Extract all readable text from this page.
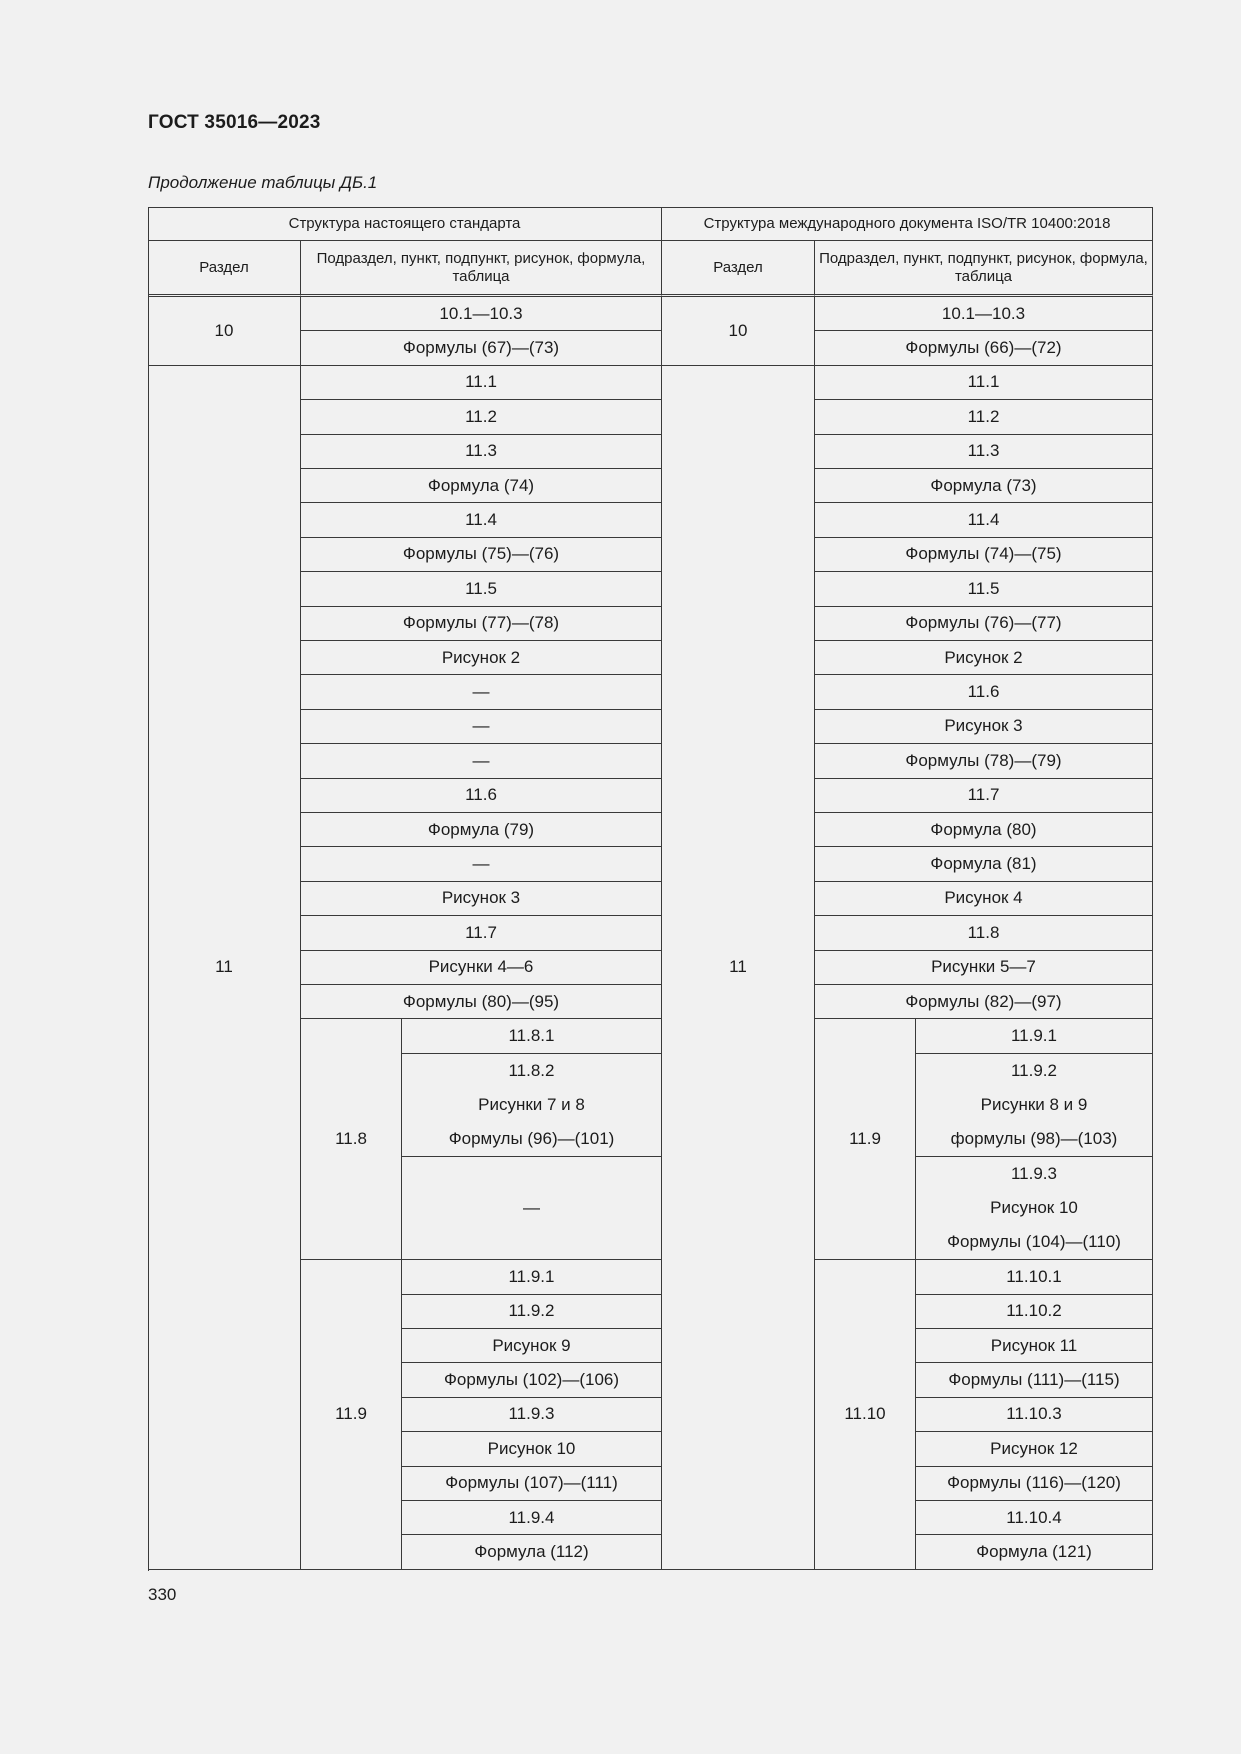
ГОСТ 35016—2023
Продолжение таблицы ДБ.1
Структура настоящего стандарта	Структура международного документа ISO/TR 10400:2018
Раздел
Подраздел, пункт, подпункт, рисунок, формула, таблица
Раздел
Подраздел, пункт, подпункт, рисунок, формула, таблица
10
10.1—10.3
Формулы (67)—(73)
11.1
11.2
11.3
Формула (74)
11.4
Формулы (75)—(76)
11.5
Формулы (77)—(78)
Рисунок 2
—
—
—
11.6
Формула (79)
—
Рисунок 3
11.7
Рисунки 4—6
Формулы (80)—(95)
11.8.1
11.8.2
Рисунки 7 и 8
Формулы (96)—(101)
—
11.8
11.9.1
11.9.2
Рисунок 9
Формулы (102)—(106)
11.9.3
Рисунок 10
Формулы (107)—(111)
11.9.4
Формула (112)
11.9
11
10
10.1—10.3
Формулы (66)—(72)
11.1
11.2
11.3
Формула (73)
11.4
Формулы (74)—(75)
11.5
Формулы (76)—(77)
Рисунок 2
11.6
Рисунок 3
Формулы (78)—(79)
11.7
Формула (80)
Формула (81)
Рисунок 4
11.8
Рисунки 5—7
Формулы (82)—(97)
11.9.1
11.9.2
Рисунки 8 и 9
формулы (98)—(103)
11.9.3
Рисунок 10
Формулы (104)—(110)
11.9
11.10.1
11.10.2
Рисунок 11
Формулы (111)—(115)
11.10.3
Рисунок 12
Формулы (116)—(120)
11.10.4
Формула (121)
11.10
11
330
